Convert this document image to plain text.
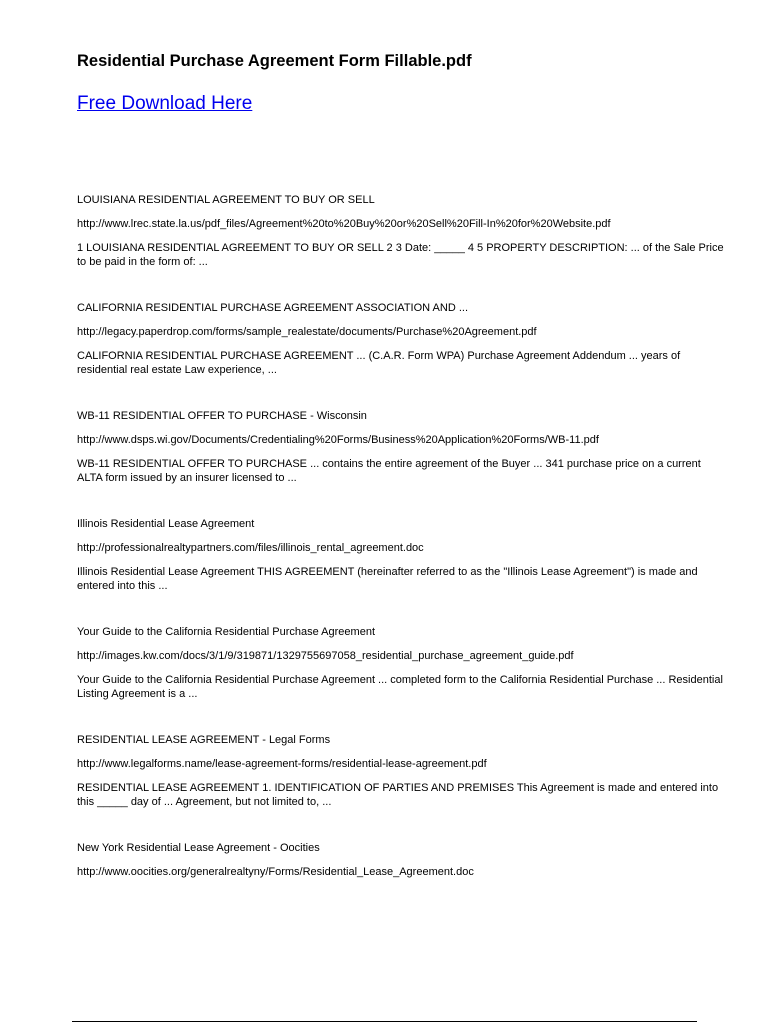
Residential Purchase Agreement Form Fillable.pdf
Free Download Here
LOUISIANA RESIDENTIAL AGREEMENT TO BUY OR SELL
http://www.lrec.state.la.us/pdf_files/Agreement%20to%20Buy%20or%20Sell%20Fill-In%20for%20Website.pdf
1 LOUISIANA RESIDENTIAL AGREEMENT TO BUY OR SELL 2 3 Date: _____ 4 5 PROPERTY DESCRIPTION: ... of the Sale Price to be paid in the form of: ...
CALIFORNIA RESIDENTIAL PURCHASE AGREEMENT ASSOCIATION AND ...
http://legacy.paperdrop.com/forms/sample_realestate/documents/Purchase%20Agreement.pdf
CALIFORNIA RESIDENTIAL PURCHASE AGREEMENT ... (C.A.R. Form WPA) Purchase Agreement Addendum ... years of residential real estate Law experience, ...
WB-11 RESIDENTIAL OFFER TO PURCHASE - Wisconsin
http://www.dsps.wi.gov/Documents/Credentialing%20Forms/Business%20Application%20Forms/WB-11.pdf
WB-11 RESIDENTIAL OFFER TO PURCHASE ... contains the entire agreement of the Buyer ... 341 purchase price on a current ALTA form issued by an insurer licensed to ...
Illinois Residential Lease Agreement
http://professionalrealtypartners.com/files/illinois_rental_agreement.doc
Illinois Residential Lease Agreement THIS AGREEMENT (hereinafter referred to as the "Illinois Lease Agreement") is made and entered into this ...
Your Guide to the California Residential Purchase Agreement
http://images.kw.com/docs/3/1/9/319871/1329755697058_residential_purchase_agreement_guide.pdf
Your Guide to the California Residential Purchase Agreement ... completed form to the California Residential Purchase ... Residential Listing Agreement is a ...
RESIDENTIAL LEASE AGREEMENT - Legal Forms
http://www.legalforms.name/lease-agreement-forms/residential-lease-agreement.pdf
RESIDENTIAL LEASE AGREEMENT 1. IDENTIFICATION OF PARTIES AND PREMISES This Agreement is made and entered into this _____ day of ... Agreement, but not limited to, ...
New York Residential Lease Agreement - Oocities
http://www.oocities.org/generalrealtyny/Forms/Residential_Lease_Agreement.doc
